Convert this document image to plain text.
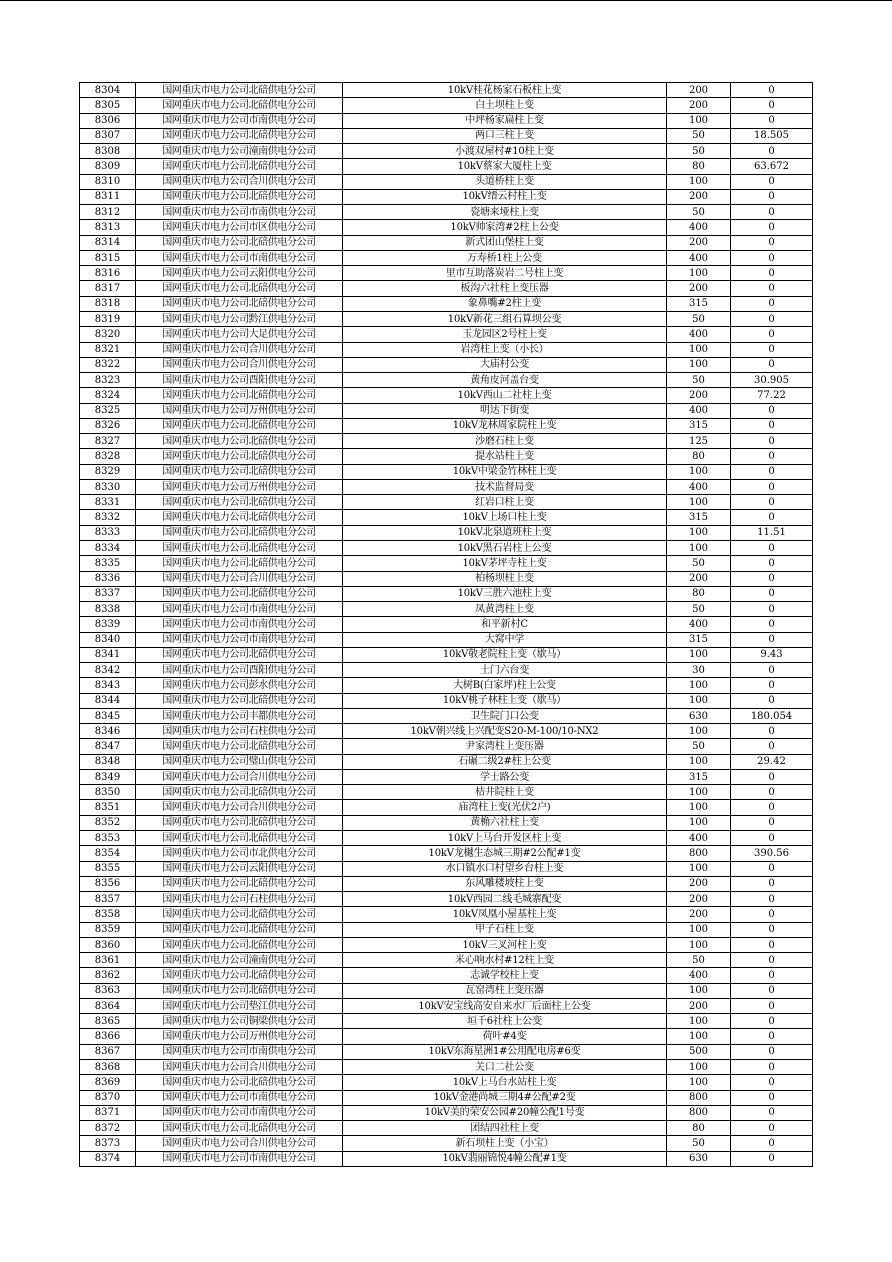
8304	国网重庆市电力公司北碚供电分公司	10kV桂花杨家石板柱上变	200	0
8305	国网重庆市电力公司北碚供电分公司	白土坝柱上变	200	0
8306	国网重庆市电力公司市南供电分公司	中坪杨家扁柱上变	100	0
8307	国网重庆市电力公司北碚供电分公司	两口三柱上变	50	18.505
8308	国网重庆市电力公司潼南供电分公司	小渡双屋村#10柱上变	50	0
8309	国网重庆市电力公司北碚供电分公司	10kV蔡家大厦柱上变	80	63.672
8310	国网重庆市电力公司合川供电分公司	头道桥柱上变	100	0
8311	国网重庆市电力公司北碚供电分公司	10kV缙云村柱上变	200	0
8312	国网重庆市电力公司市南供电分公司	瓷塘来垭柱上变	50	0
8313	国网重庆市电力公司市区供电分公司	10kV帅家湾#2柱上公变	400	0
8314	国网重庆市电力公司北碚供电分公司	新式团山堡柱上变	200	0
8315	国网重庆市电力公司市南供电分公司	万寿桥1柱上公变	400	0
8316	国网重庆市电力公司云阳供电分公司	里市互助落炭岩二号柱上变	100	0
8317	国网重庆市电力公司北碚供电分公司	板沟六社柱上变压器	200	0
8318	国网重庆市电力公司北碚供电分公司	象鼻嘴#2柱上变	315	0
8319	国网重庆市电力公司黔江供电分公司	10kV新花三组石算坝公变	50	0
8320	国网重庆市电力公司大足供电分公司	玉龙园区2号柱上变	400	0
8321	国网重庆市电力公司合川供电分公司	岩湾柱上变（小长）	100	0
8322	国网重庆市电力公司合川供电分公司	大庙村公变	100	0
8323	国网重庆市电力公司酉阳供电分公司	黄角皮河盖台变	50	30.905
8324	国网重庆市电力公司北碚供电分公司	10kV西山二社柱上变	200	77.22
8325	国网重庆市电力公司万州供电分公司	明达下街变	400	0
8326	国网重庆市电力公司北碚供电分公司	10kV龙林周家院柱上变	315	0
8327	国网重庆市电力公司北碚供电分公司	沙磨石柱上变	125	0
8328	国网重庆市电力公司北碚供电分公司	提水站柱上变	80	0
8329	国网重庆市电力公司北碚供电分公司	10kV中梁金竹林柱上变	100	0
8330	国网重庆市电力公司万州供电分公司	技术监督局变	400	0
8331	国网重庆市电力公司北碚供电分公司	红岩口柱上变	100	0
8332	国网重庆市电力公司北碚供电分公司	10kV上场口柱上变	315	0
8333	国网重庆市电力公司北碚供电分公司	10kV北泉道班柱上变	100	11.51
8334	国网重庆市电力公司北碚供电分公司	10kV黑石岩柱上公变	100	0
8335	国网重庆市电力公司北碚供电分公司	10kV茅坪寺柱上变	50	0
8336	国网重庆市电力公司合川供电分公司	柏杨坝柱上变	200	0
8337	国网重庆市电力公司北碚供电分公司	10kV三胜六池柱上变	80	0
8338	国网重庆市电力公司市南供电分公司	凤黄湾柱上变	50	0
8339	国网重庆市电力公司市南供电分公司	和平新村C	400	0
8340	国网重庆市电力公司市南供电分公司	大窝中学	315	0
8341	国网重庆市电力公司北碚供电分公司	10kV敬老院柱上变（歇马）	100	9.43
8342	国网重庆市电力公司酉阳供电分公司	土门六台变	30	0
8343	国网重庆市电力公司彭水供电分公司	大树B(白家坪)柱上公变	100	0
8344	国网重庆市电力公司北碚供电分公司	10kV桃子林柱上变（歇马）	100	0
8345	国网重庆市电力公司丰都供电分公司	卫生院门口公变	630	180.054
8346	国网重庆市电力公司石柱供电分公司	10kV朝兴线上兴配变S20-M-100/10-NX2	100	0
8347	国网重庆市电力公司北碚供电分公司	尹家湾柱上变压器	50	0
8348	国网重庆市电力公司璧山供电分公司	石碾二级2#柱上公变	100	29.42
8349	国网重庆市电力公司合川供电分公司	学士路公变	315	0
8350	国网重庆市电力公司北碚供电分公司	桔井院柱上变	100	0
8351	国网重庆市电力公司合川供电分公司	庙湾柱上变(光伏2户)	100	0
8352	国网重庆市电力公司北碚供电分公司	黄桷六社柱上变	100	0
8353	国网重庆市电力公司北碚供电分公司	10kV上马台开发区柱上变	400	0
8354	国网重庆市电力公司市北供电分公司	10kV龙樾生态城三期#2公配#1变	800	390.56
8355	国网重庆市电力公司云阳供电分公司	水口镇水口村望乡台柱上变	100	0
8356	国网重庆市电力公司北碚供电分公司	东风雕楼坡柱上变	200	0
8357	国网重庆市电力公司石柱供电分公司	10kV西园二线毛城寨配变	200	0
8358	国网重庆市电力公司北碚供电分公司	10kV凤凰小屋基柱上变	200	0
8359	国网重庆市电力公司北碚供电分公司	甲子石柱上变	100	0
8360	国网重庆市电力公司北碚供电分公司	10kV三叉河柱上变	100	0
8361	国网重庆市电力公司潼南供电分公司	米心响水村#12柱上变	50	0
8362	国网重庆市电力公司北碚供电分公司	志诚学校柱上变	400	0
8363	国网重庆市电力公司北碚供电分公司	瓦窑湾柱上变压器	100	0
8364	国网重庆市电力公司垫江供电分公司	10kV安宝线高安自来水厂后面柱上公变	200	0
8365	国网重庆市电力公司铜梁供电分公司	垣千6社柱上公变	100	0
8366	国网重庆市电力公司万州供电分公司	荷叶#4变	100	0
8367	国网重庆市电力公司市南供电分公司	10kV东海星洲1#公用配电房#6变	500	0
8368	国网重庆市电力公司合川供电分公司	关口二社公变	100	0
8369	国网重庆市电力公司北碚供电分公司	10kV上马台水站柱上变	100	0
8370	国网重庆市电力公司市南供电分公司	10kV金港尚城三期4#公配#2变	800	0
8371	国网重庆市电力公司市南供电分公司	10kV美的荣安公园#20幢公配1号变	800	0
8372	国网重庆市电力公司北碚供电分公司	团结四社柱上变	80	0
8373	国网重庆市电力公司合川供电分公司	新石坝柱上变（小宝）	50	0
8374	国网重庆市电力公司市南供电分公司	10kV翡丽锦悦4幢公配#1变	630	0
